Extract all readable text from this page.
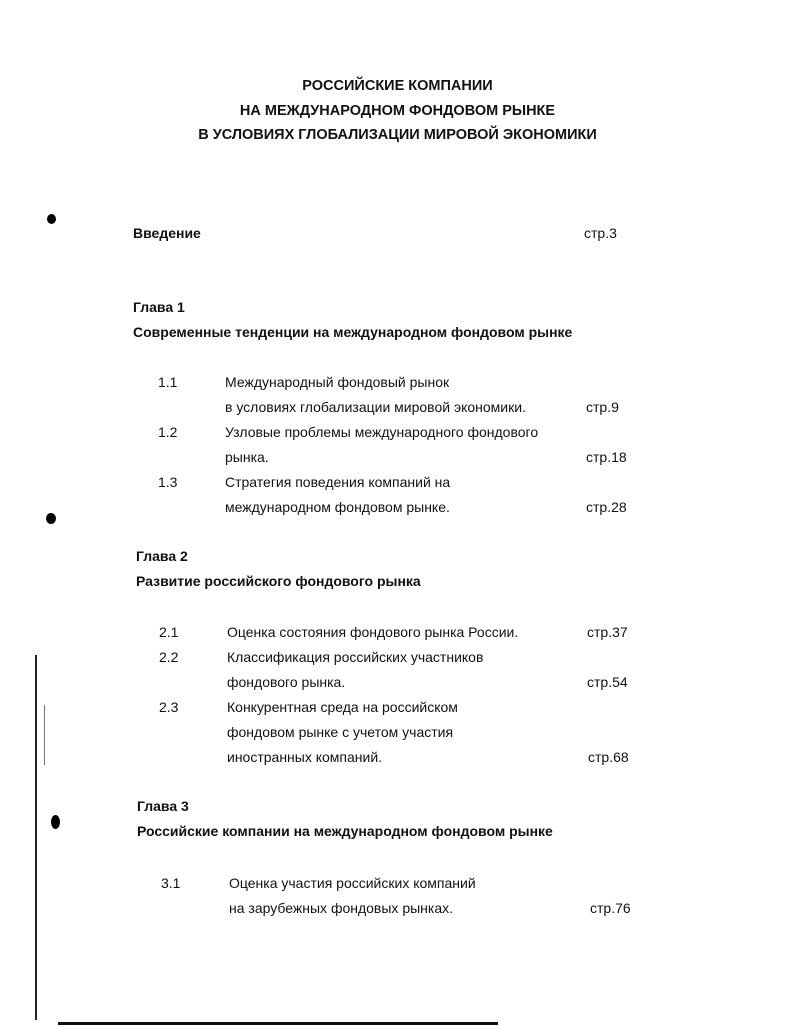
РОССИЙСКИЕ КОМПАНИИ
НА МЕЖДУНАРОДНОМ ФОНДОВОМ РЫНКЕ
В УСЛОВИЯХ ГЛОБАЛИЗАЦИИ МИРОВОЙ ЭКОНОМИКИ
Введение	стр.3
Глава 1
Современные тенденции на международном фондовом рынке
1.1	Международный фондовый рынок
в условиях глобализации мировой экономики.	стр.9
1.2	Узловые проблемы международного фондового
рынка.	стр.18
1.3	Стратегия поведения компаний на
международном фондовом рынке.	стр.28
Глава 2
Развитие российского фондового рынка
2.1	Оценка состояния фондового рынка России.	стр.37
2.2	Классификация российских участников
фондового рынка.	стр.54
2.3	Конкурентная среда на российском
фондовом рынке с учетом участия
иностранных компаний.	стр.68
Глава 3
Российские компании на международном фондовом рынке
3.1	Оценка участия российских компаний
на зарубежных фондовых рынках.	стр.76
